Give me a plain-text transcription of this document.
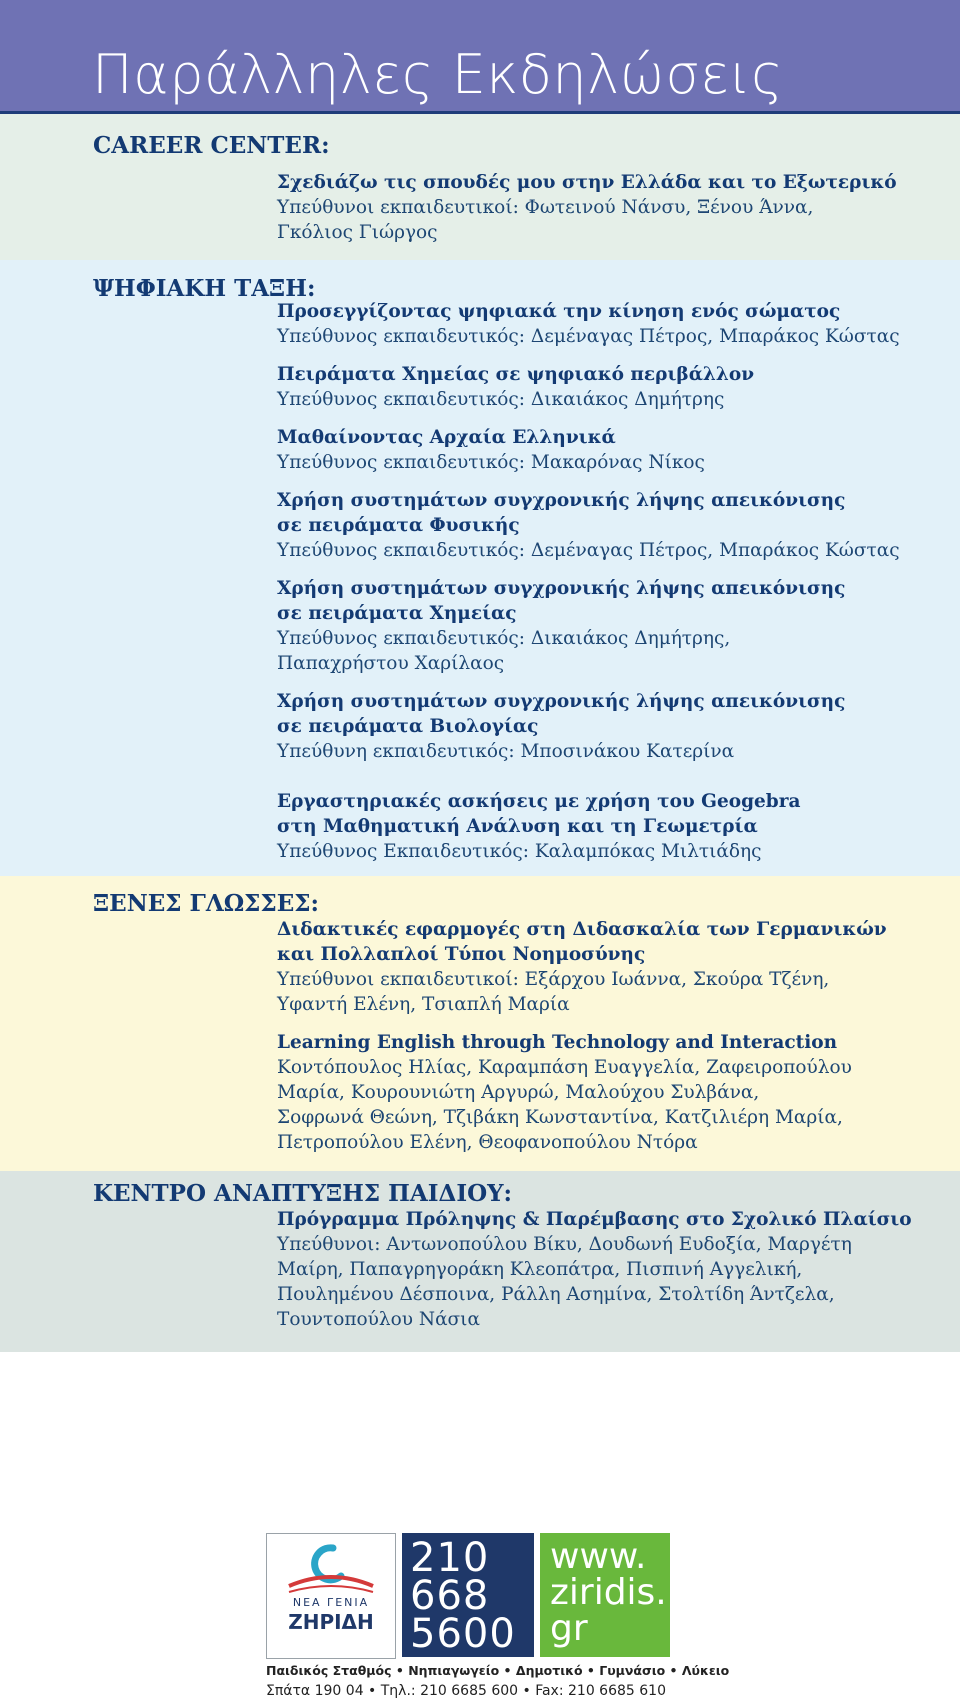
Παράλληλες Εκδηλώσεις
CAREER CENTER:
Σχεδιάζω τις σπουδές μου στην Ελλάδα και το Εξωτερικό
Υπεύθυνοι εκπαιδευτικοί: Φωτεινού Νάνσυ, Ξένου Άννα,
Γκόλιος Γιώργος
ΨΗΦΙΑΚΗ ΤΑΞΗ:
Προσεγγίζοντας ψηφιακά την κίνηση ενός σώματος
Υπεύθυνος εκπαιδευτικός: Δεμέναγας Πέτρος, Μπαράκος Κώστας
Πειράματα Χημείας σε ψηφιακό περιβάλλον
Υπεύθυνος εκπαιδευτικός: Δικαιάκος Δημήτρης
Μαθαίνοντας Αρχαία Ελληνικά
Υπεύθυνος εκπαιδευτικός: Μακαρόνας Νίκος
Χρήση συστημάτων συγχρονικής λήψης απεικόνισης
σε πειράματα Φυσικής
Υπεύθυνος εκπαιδευτικός: Δεμέναγας Πέτρος, Μπαράκος Κώστας
Χρήση συστημάτων συγχρονικής λήψης απεικόνισης
σε πειράματα Χημείας
Υπεύθυνος εκπαιδευτικός: Δικαιάκος Δημήτρης,
Παπαχρήστου Χαρίλαος
Χρήση συστημάτων συγχρονικής λήψης απεικόνισης
σε πειράματα Βιολογίας
Υπεύθυνη εκπαιδευτικός: Μποσινάκου Κατερίνα
Εργαστηριακές ασκήσεις με χρήση του Geogebra
στη Μαθηματική Ανάλυση και τη Γεωμετρία
Υπεύθυνος Εκπαιδευτικός: Καλαμπόκας Μιλτιάδης
ΞΕΝΕΣ ΓΛΩΣΣΕΣ:
Διδακτικές εφαρμογές στη Διδασκαλία των Γερμανικών
και Πολλαπλοί Τύποι Νοημοσύνης
Υπεύθυνοι εκπαιδευτικοί: Εξάρχου Ιωάννα, Σκούρα Τζένη,
Υφαντή Ελένη, Τσιαπλή Μαρία
Learning English through Technology and Interaction
Κοντόπουλος Ηλίας, Καραμπάση Ευαγγελία, Ζαφειροπούλου
Μαρία, Κουρουνιώτη Αργυρώ, Μαλούχου Συλβάνα,
Σοφρωνά Θεώνη, Τζιβάκη Κωνσταντίνα, Κατζιλιέρη Μαρία,
Πετροπούλου Ελένη, Θεοφανοπούλου Ντόρα
ΚΕΝΤΡΟ ΑΝΑΠΤΥΞΗΣ ΠΑΙΔΙΟΥ:
Πρόγραμμα Πρόληψης & Παρέμβασης στο Σχολικό Πλαίσιο
Υπεύθυνοι: Αντωνοπούλου Βίκυ, Δουδωνή Ευδοξία, Μαργέτη
Μαίρη, Παπαγρηγοράκη Κλεοπάτρα, Πισπινή Αγγελική,
Πουλημένου Δέσποινα, Ράλλη Ασημίνα, Στολτίδη Άντζελα,
Τουντοπούλου Νάσια
ΝΕΑ ΓΕΝΙΑ
ΖΗΡΙΔΗ
210
668
5600
www.
ziridis.
gr
Παιδικός Σταθμός • Νηπιαγωγείο • Δημοτικό • Γυμνάσιο • Λύκειο
Σπάτα 190 04 • Τηλ.: 210 6685 600 • Fax: 210 6685 610
